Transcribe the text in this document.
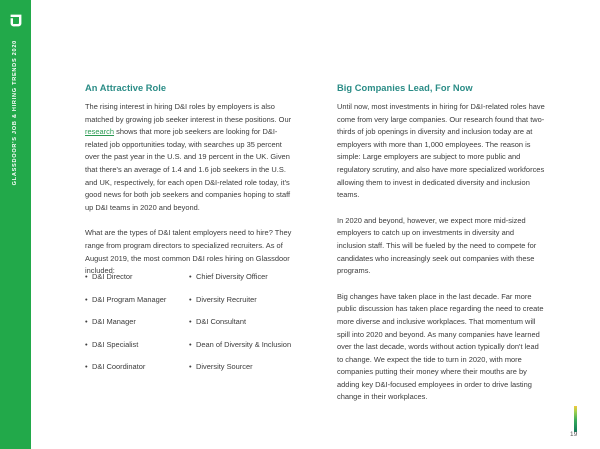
GLASSDOOR'S JOB & HIRING TRENDS 2020	An Attractive Role

The rising interest in hiring D&I roles by employers is also matched by growing job seeker interest in these positions. Our research shows that more job seekers are looking for D&I-related job opportunities today, with searches up 35 percent over the past year in the U.S. and 19 percent in the UK. Given that there's an average of 1.4 and 1.6 job seekers in the U.S. and UK, respectively, for each open D&I-related role today, it's good news for both job seekers and companies hoping to staff up D&I teams in 2020 and beyond.

What are the types of D&I talent employers need to hire? They range from program directors to specialized recruiters. As of August 2019, the most common D&I roles hiring on Glassdoor included:

Big Companies Lead, For Now

Until now, most investments in hiring for D&I-related roles have come from very large companies. Our research found that two-thirds of job openings in diversity and inclusion today are at employers with more than 1,000 employees. The reason is simple: Large employers are subject to more public and regulatory scrutiny, and also have more specialized workforces allowing them to invest in dedicated diversity and inclusion teams.

In 2020 and beyond, however, we expect more mid-sized employers to catch up on investments in diversity and inclusion staff. This will be fueled by the need to compete for candidates who increasingly seek out companies with these programs.

Big changes have taken place in the last decade. Far more public discussion has taken place regarding the need to create more diverse and inclusive workplaces. That momentum will spill into 2020 and beyond. As many companies have learned over the last decade, words without action typically don't lead to change. We expect the tide to turn in 2020, with more companies putting their money where their mouths are by adding key D&I-focused employees in order to drive lasting change in their workplaces.

•
D&I Director •	Chief Diversity Officer
•
D&I Program Manager •	Diversity Recruiter
•
D&I Manager •	D&I Consultant
•
D&I Specialist •	Dean of Diversity & Inclusion
•
D&I Coordinator •	Diversity Sourcer
19
